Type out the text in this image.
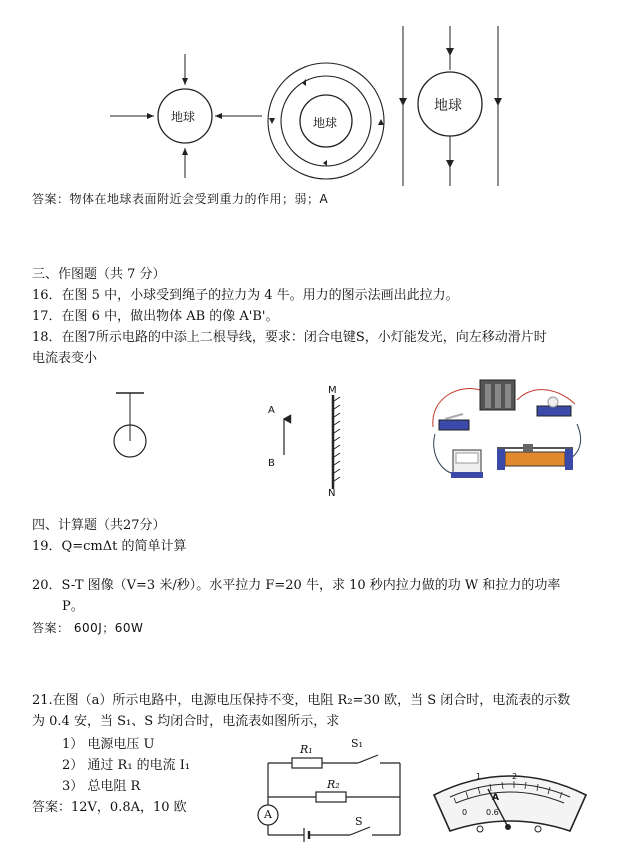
地球	地球
地球
答案：物体在地球表面附近会受到重力的作用；弱；A
三、作图题（共 7 分）
16．在图 5 中，小球受到绳子的拉力为 4 牛。用力的图示法画出此拉力。
17．在图 6 中，做出物体 AB 的像 A'B'。
18．在图7所示电路的中添上二根导线，要求：闭合电键S，小灯能发光，向左移动滑片时
电流表变小
A
B
M
N
四、计算题（共27分）
19．Q=cmΔt 的简单计算
20．S-T 图像（V=3 米/秒）。水平拉力 F=20 牛，求 10 秒内拉力做的功 W 和拉力的功率
P。
答案： 600J；60W
21.在图（a）所示电路中，电源电压保持不变，电阻 R₂=30 欧，当 S 闭合时，电流表的示数
为 0.4 安，当 S₁、S 均闭合时，电流表如图所示，求
1） 电源电压 U
2） 通过 R₁ 的电流 I₁
3） 总电阻 R
答案：12V，0.8A，10 欧
R₁
R₂
S₁
S
A
1	2
A
0 0.6
